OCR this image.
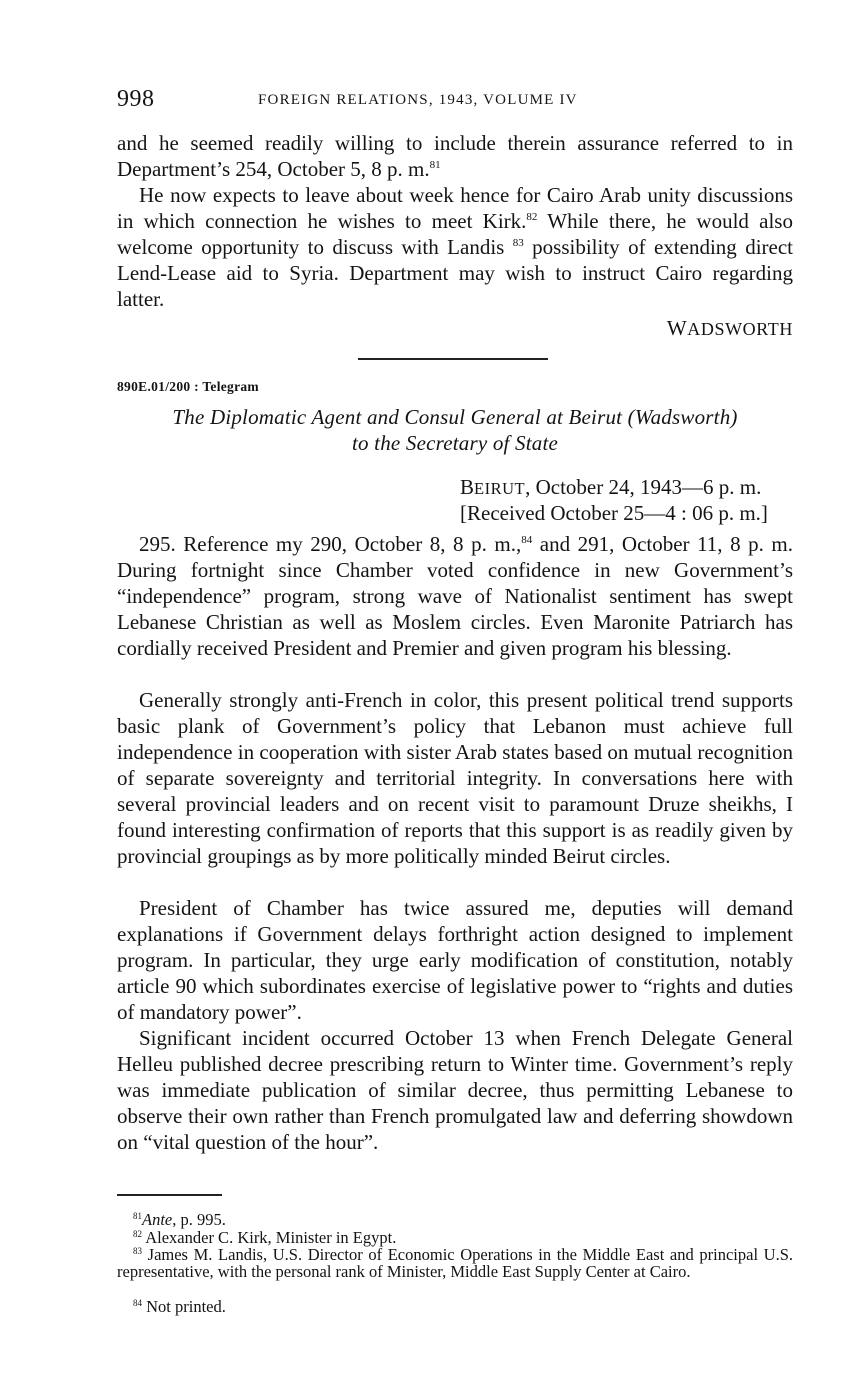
998	FOREIGN RELATIONS, 1943, VOLUME IV

and he seemed readily willing to include therein assurance referred to in Department’s 254, October 5, 8 p. m.$^{81}$

He now expects to leave about week hence for Cairo Arab unity discussions in which connection he wishes to meet Kirk.$^{82}$ While there, he would also welcome opportunity to discuss with Landis $^{83}$ possibility of extending direct Lend-Lease aid to Syria. Department may wish to instruct Cairo regarding latter.

WADSWORTH
890E.01/200 : Telegram
The Diplomatic Agent and Consul General at Beirut (Wadsworth)
to the Secretary of State
BEIRUT, October 24, 1943—6 p. m.
[Received October 25—4 : 06 p. m.]

295. Reference my 290, October 8, 8 p. m.,$^{84}$ and 291, October 11, 8 p. m. During fortnight since Chamber voted confidence in new Government’s “independence” program, strong wave of Nationalist sentiment has swept Lebanese Christian as well as Moslem circles. Even Maronite Patriarch has cordially received President and Premier and given program his blessing.

Generally strongly anti-French in color, this present political trend supports basic plank of Government’s policy that Lebanon must achieve full independence in cooperation with sister Arab states based on mutual recognition of separate sovereignty and territorial integrity. In conversations here with several provincial leaders and on recent visit to paramount Druze sheikhs, I found interesting confirmation of reports that this support is as readily given by provincial groupings as by more politically minded Beirut circles.

President of Chamber has twice assured me, deputies will demand explanations if Government delays forthright action designed to implement program. In particular, they urge early modification of constitution, notably article 90 which subordinates exercise of legislative power to “rights and duties of mandatory power”.

Significant incident occurred October 13 when French Delegate General Helleu published decree prescribing return to Winter time. Government’s reply was immediate publication of similar decree, thus permitting Lebanese to observe their own rather than French promulgated law and deferring showdown on “vital question of the hour”.

$^{81}$Ante, p. 995.
$^{82}$ Alexander C. Kirk, Minister in Egypt.
$^{83}$ James M. Landis, U.S. Director of Economic Operations in the Middle East and principal U.S. representative, with the personal rank of Minister, Middle East Supply Center at Cairo.
$^{84}$ Not printed.
